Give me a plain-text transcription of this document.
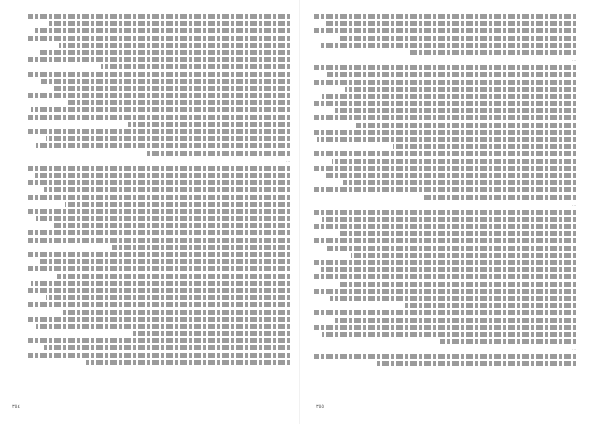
...
٣٥٤
...
...
...
٣٥٥
